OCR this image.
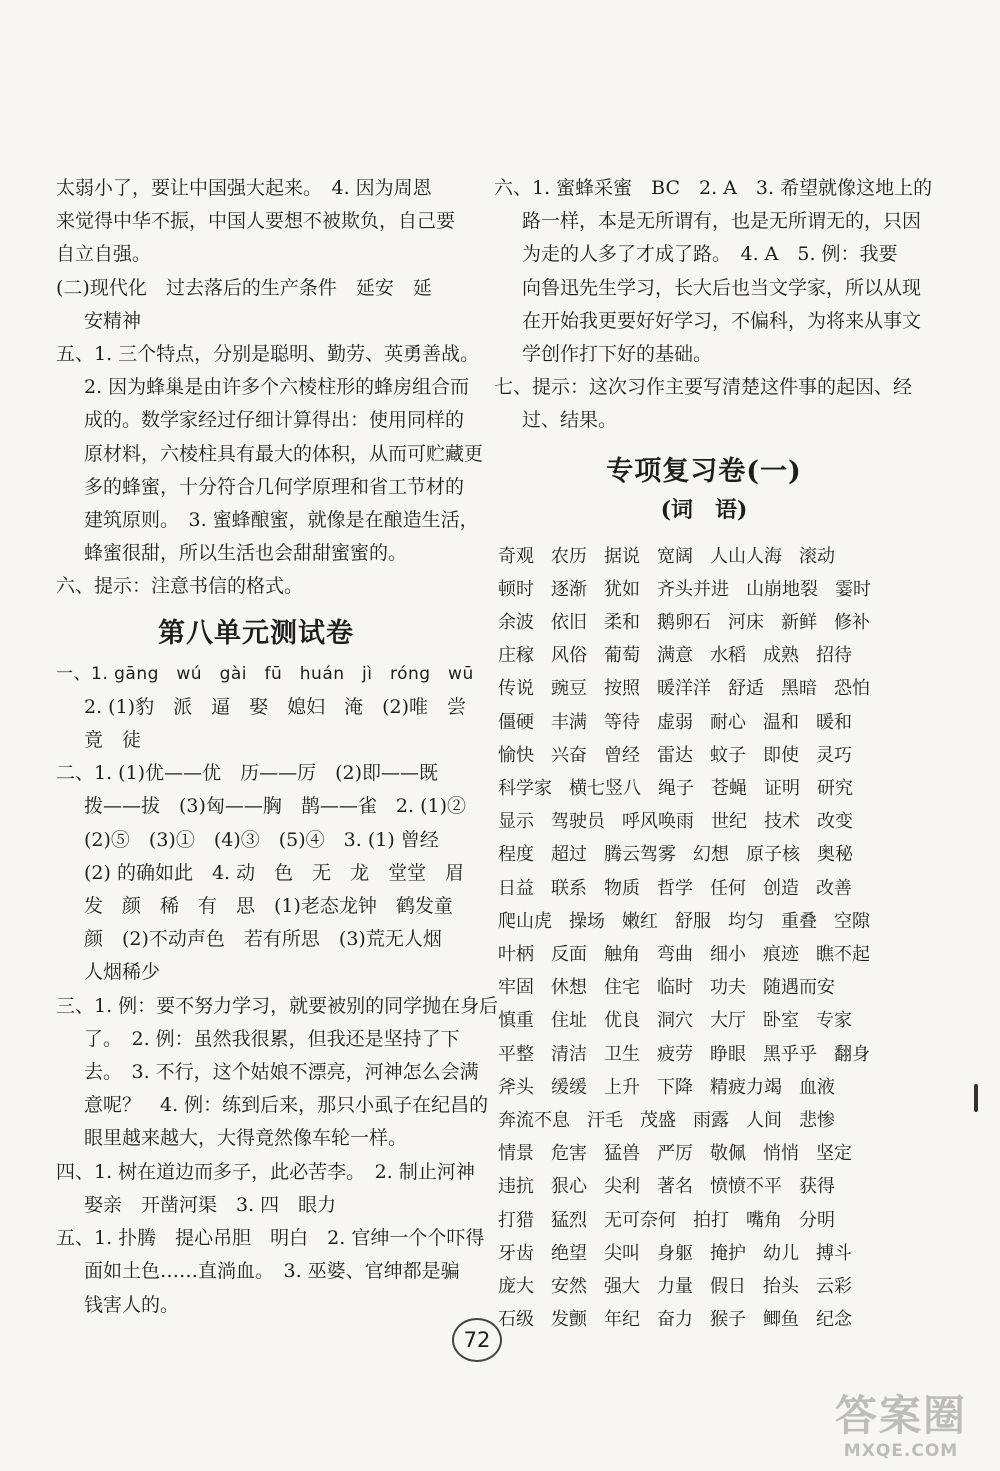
太弱小了，要让中国强大起来。　4. 因为周恩
来觉得中华不振，中国人要想不被欺负，自己要
自立自强。
(二)现代化　过去落后的生产条件　延安　延
安精神
五、1. 三个特点，分别是聪明、勤劳、英勇善战。
2. 因为蜂巢是由许多个六棱柱形的蜂房组合而
成的。数学家经过仔细计算得出：使用同样的
原材料，六棱柱具有最大的体积，从而可贮藏更
多的蜂蜜，十分符合几何学原理和省工节材的
建筑原则。　3. 蜜蜂酿蜜，就像是在酿造生活，
蜂蜜很甜，所以生活也会甜甜蜜蜜的。
六、提示：注意书信的格式。
第八单元测试卷
一、1. gāng　wú　gài　fū　huán　jì　róng　wū
2. (1)豹　派　逼　娶　媳妇　淹　(2)唯　尝
竟　徒
二、1. (1)优——优　历——厉　(2)即——既
拨——拔　(3)匈——胸　鹊——雀　2. (1)②
(2)⑤　(3)①　(4)③　(5)④　3. (1) 曾经
(2) 的确如此　4. 动　色　无　龙　堂堂　眉
发　颜　稀　有　思　(1)老态龙钟　鹤发童
颜　(2)不动声色　若有所思　(3)荒无人烟
人烟稀少
三、1. 例：要不努力学习，就要被别的同学抛在身后
了。　2. 例：虽然我很累，但我还是坚持了下
去。　3. 不行，这个姑娘不漂亮，河神怎么会满
意呢？　4. 例：练到后来，那只小虱子在纪昌的
眼里越来越大，大得竟然像车轮一样。
四、1. 树在道边而多子，此必苦李。　2. 制止河神
娶亲　开凿河渠　3. 四　眼力
五、1. 扑腾　提心吊胆　明白　2. 官绅一个个吓得
面如土色……直淌血。　3. 巫婆、官绅都是骗
钱害人的。
六、1. 蜜蜂采蜜　BC　2. A　3. 希望就像这地上的
路一样，本是无所谓有，也是无所谓无的，只因
为走的人多了才成了路。　4. A　5. 例：我要
向鲁迅先生学习，长大后也当文学家，所以从现
在开始我更要好好学习，不偏科，为将来从事文
学创作打下好的基础。
七、提示：这次习作主要写清楚这件事的起因、经
过、结果。
专项复习卷(一)
(词　语)
奇观 农历 据说 宽阔 人山人海 滚动
顿时 逐渐 犹如 齐头并进 山崩地裂 霎时
余波 依旧 柔和 鹅卵石 河床 新鲜 修补
庄稼 风俗 葡萄 满意 水稻 成熟 招待
传说 豌豆 按照 暖洋洋 舒适 黑暗 恐怕
僵硬 丰满 等待 虚弱 耐心 温和 暖和
愉快 兴奋 曾经 雷达 蚊子 即使 灵巧
科学家 横七竖八 绳子 苍蝇 证明 研究
显示 驾驶员 呼风唤雨 世纪 技术 改变
程度 超过 腾云驾雾 幻想 原子核 奥秘
日益 联系 物质 哲学 任何 创造 改善
爬山虎 操场 嫩红 舒服 均匀 重叠 空隙
叶柄 反面 触角 弯曲 细小 痕迹 瞧不起
牢固 休想 住宅 临时 功夫 随遇而安
慎重 住址 优良 洞穴 大厅 卧室 专家
平整 清洁 卫生 疲劳 睁眼 黑乎乎 翻身
斧头 缓缓 上升 下降 精疲力竭 血液
奔流不息 汗毛 茂盛 雨露 人间 悲惨
情景 危害 猛兽 严厉 敬佩 悄悄 坚定
违抗 狠心 尖利 著名 愤愤不平 获得
打猎 猛烈 无可奈何 拍打 嘴角 分明
牙齿 绝望 尖叫 身躯 掩护 幼儿 搏斗
庞大 安然 强大 力量 假日 抬头 云彩
石级 发颤 年纪 奋力 猴子 鲫鱼 纪念
72
答案圈
MXQE.COM
